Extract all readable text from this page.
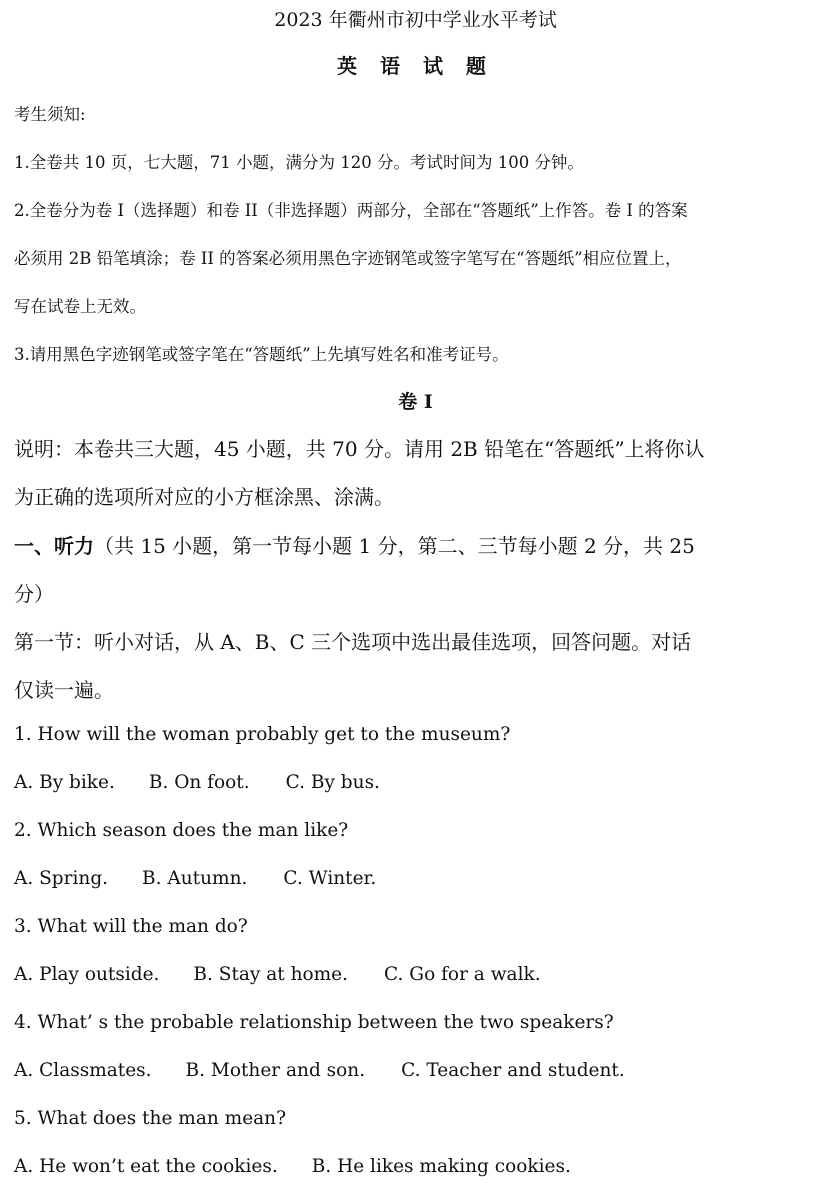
2023 年衢州市初中学业水平考试
英 语 试 题
考生须知:
1.全卷共 10 页，七大题，71 小题，满分为 120 分。考试时间为 100 分钟。
2.全卷分为卷 I（选择题）和卷 II（非选择题）两部分，全部在“答题纸”上作答。卷 I 的答案
必须用 2B 铅笔填涂；卷 II 的答案必须用黑色字迹钢笔或签字笔写在“答题纸”相应位置上，
写在试卷上无效。
3.请用黑色字迹钢笔或签字笔在“答题纸”上先填写姓名和准考证号。
卷 I
说明：本卷共三大题，45 小题，共 70 分。请用 2B 铅笔在“答题纸”上将你认
为正确的选项所对应的小方框涂黑、涂满。
一、听力（共 15 小题，第一节每小题 1 分，第二、三节每小题 2 分，共 25
分）
第一节：听小对话，从 A、B、C 三个选项中选出最佳选项，回答问题。对话
仅读一遍。
1. How will the woman probably get to the museum?
A. By bike. B. On foot. C. By bus.
2. Which season does the man like?
A. Spring. B. Autumn. C. Winter.
3. What will the man do?
A. Play outside. B. Stay at home. C. Go for a walk.
4. What’ s the probable relationship between the two speakers?
A. Classmates. B. Mother and son. C. Teacher and student.
5. What does the man mean?
A. He won’t eat the cookies. B. He likes making cookies.
